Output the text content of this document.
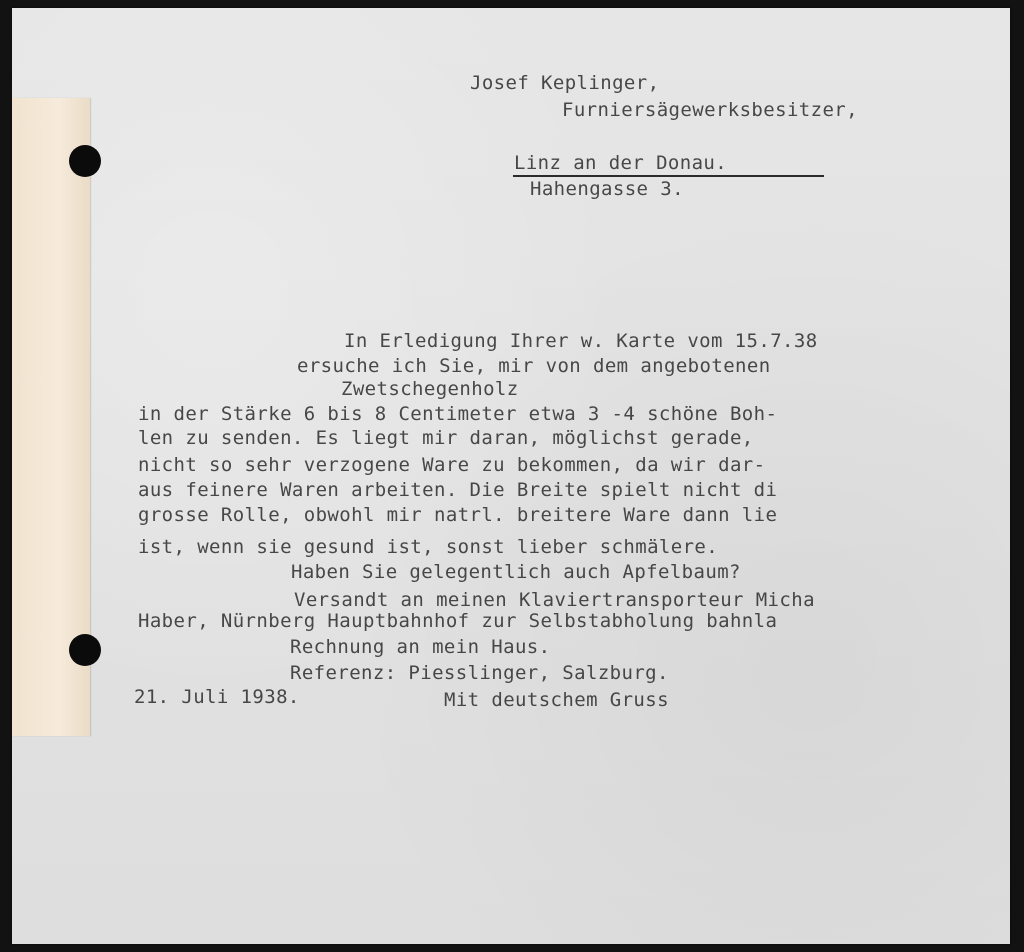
Josef Keplinger,
Furniersägewerksbesitzer,
Linz an der Donau.
Hahengasse 3.
In Erledigung Ihrer w. Karte vom 15.7.38
ersuche ich Sie, mir von dem angebotenen
Zwetschegenholz
in der Stärke 6 bis 8 Centimeter etwa 3 -4 schöne Boh-
len zu senden. Es liegt mir daran, möglichst gerade,
nicht so sehr verzogene Ware zu bekommen, da wir dar-
aus feinere Waren arbeiten. Die Breite spielt nicht di
grosse Rolle, obwohl mir natrl. breitere Ware dann lie
ist, wenn sie gesund ist, sonst lieber schmälere.
Haben Sie gelegentlich auch Apfelbaum?
Versandt an meinen Klaviertransporteur Micha
Haber, Nürnberg Hauptbahnhof zur Selbstabholung bahnla
Rechnung an mein Haus.
Referenz: Piesslinger, Salzburg.
21. Juli 1938.	Mit deutschem Gruss
